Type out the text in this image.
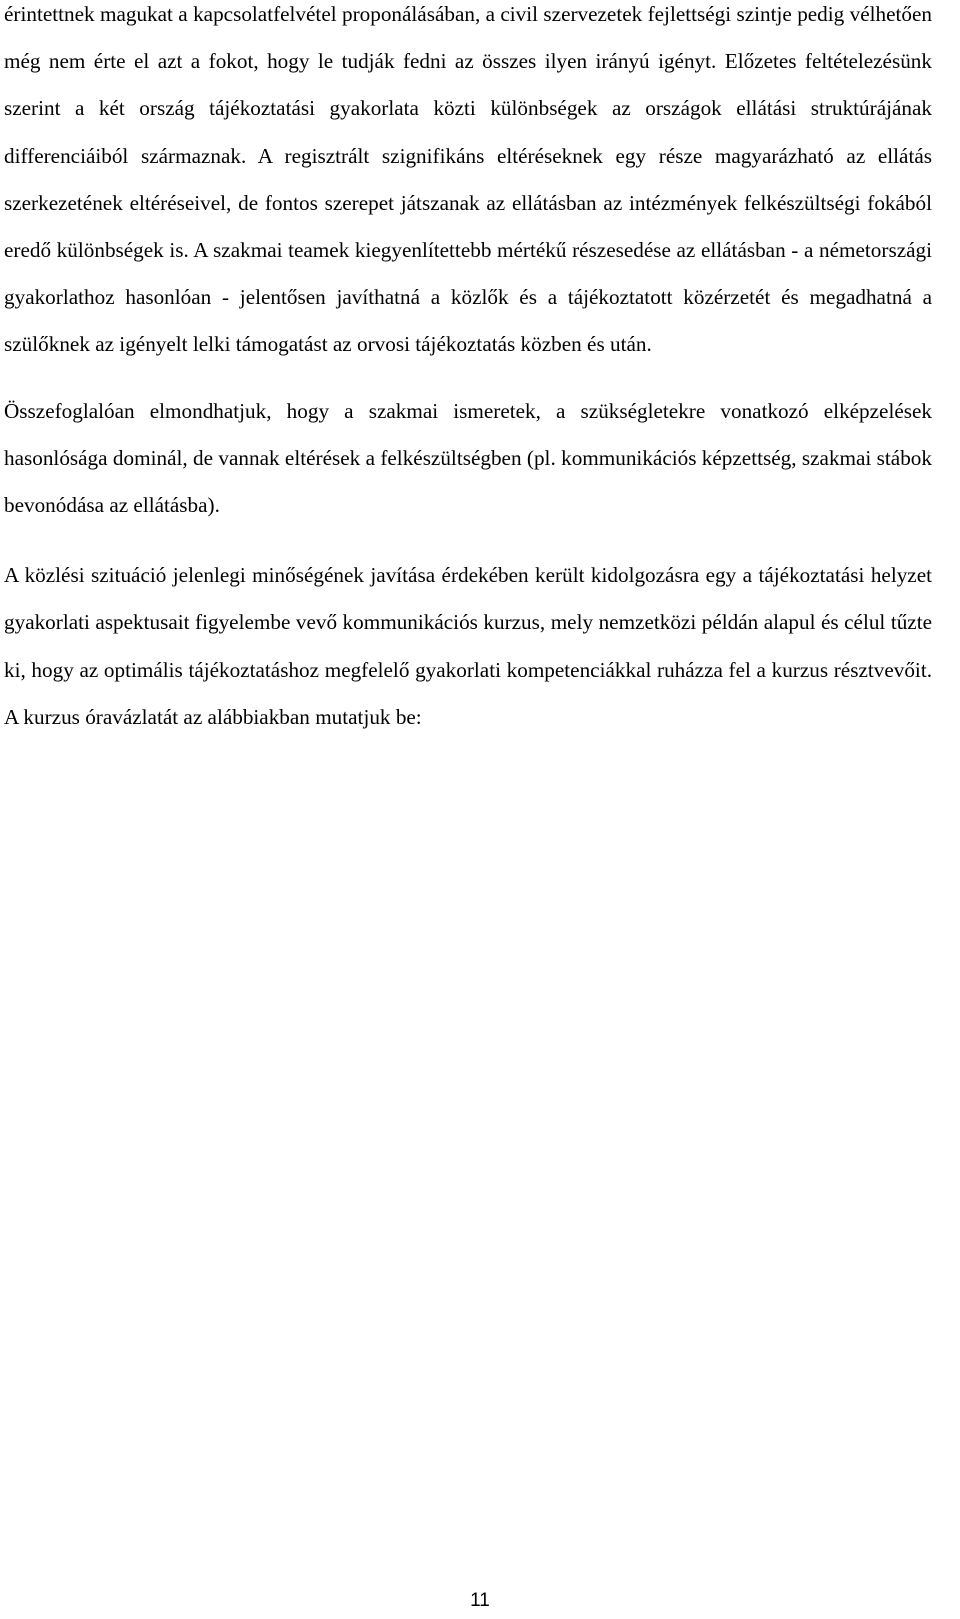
érintettnek magukat a kapcsolatfelvétel proponálásában, a civil szervezetek fejlettségi szintje pedig vélhetően még nem érte el azt a fokot, hogy le tudják fedni az összes ilyen irányú igényt. Előzetes feltételezésünk szerint a két ország tájékoztatási gyakorlata közti különbségek az országok ellátási struktúrájának differenciáiból származnak. A regisztrált szignifikáns eltéréseknek egy része magyarázható az ellátás szerkezetének eltéréseivel, de fontos szerepet játszanak az ellátásban az intézmények felkészültségi fokából eredő különbségek is. A szakmai teamek kiegyenlítettebb mértékű részesedése az ellátásban - a németországi gyakorlathoz hasonlóan - jelentősen javíthatná a közlők és a tájékoztatott közérzetét és megadhatná a szülőknek az igényelt lelki támogatást az orvosi tájékoztatás közben és után.

Összefoglalóan elmondhatjuk, hogy a szakmai ismeretek, a szükségletekre vonatkozó elképzelések hasonlósága dominál, de vannak eltérések a felkészültségben (pl. kommunikációs képzettség, szakmai stábok bevonódása az ellátásba).

A közlési szituáció jelenlegi minőségének javítása érdekében került kidolgozásra egy a tájékoztatási helyzet gyakorlati aspektusait figyelembe vevő kommunikációs kurzus, mely nemzetközi példán alapul és célul tűzte ki, hogy az optimális tájékoztatáshoz megfelelő gyakorlati kompetenciákkal ruházza fel a kurzus résztvevőit. A kurzus óravázlatát az alábbiakban mutatjuk be:

11
